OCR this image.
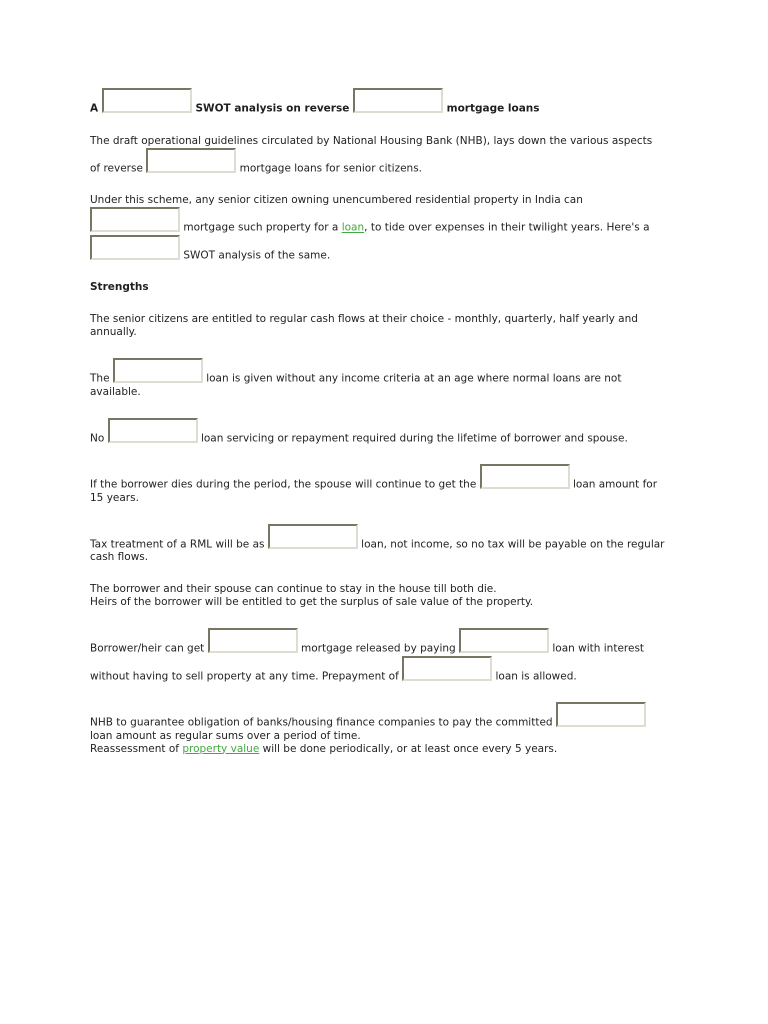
A	SWOT analysis on reverse	mortgage loans
The draft operational guidelines circulated by National Housing Bank (NHB), lays down the various aspects
of reverse	mortgage loans for senior citizens.
Under this scheme, any senior citizen owning unencumbered residential property in India can
mortgage such property for a loan, to tide over expenses in their twilight years. Here's a
SWOT analysis of the same.
Strengths
The senior citizens are entitled to regular cash flows at their choice - monthly, quarterly, half yearly and
annually.
The	loan is given without any income criteria at an age where normal loans are not
available.
No	loan servicing or repayment required during the lifetime of borrower and spouse.
If the borrower dies during the period, the spouse will continue to get the	loan amount for
15 years.
Tax treatment of a RML will be as	loan, not income, so no tax will be payable on the regular
cash flows.
The borrower and their spouse can continue to stay in the house till both die.
Heirs of the borrower will be entitled to get the surplus of sale value of the property.
Borrower/heir can get	mortgage released by paying	loan with interest
without having to sell property at any time. Prepayment of	loan is allowed.
NHB to guarantee obligation of banks/housing finance companies to pay the committed
loan amount as regular sums over a period of time.
Reassessment of property value will be done periodically, or at least once every 5 years.
